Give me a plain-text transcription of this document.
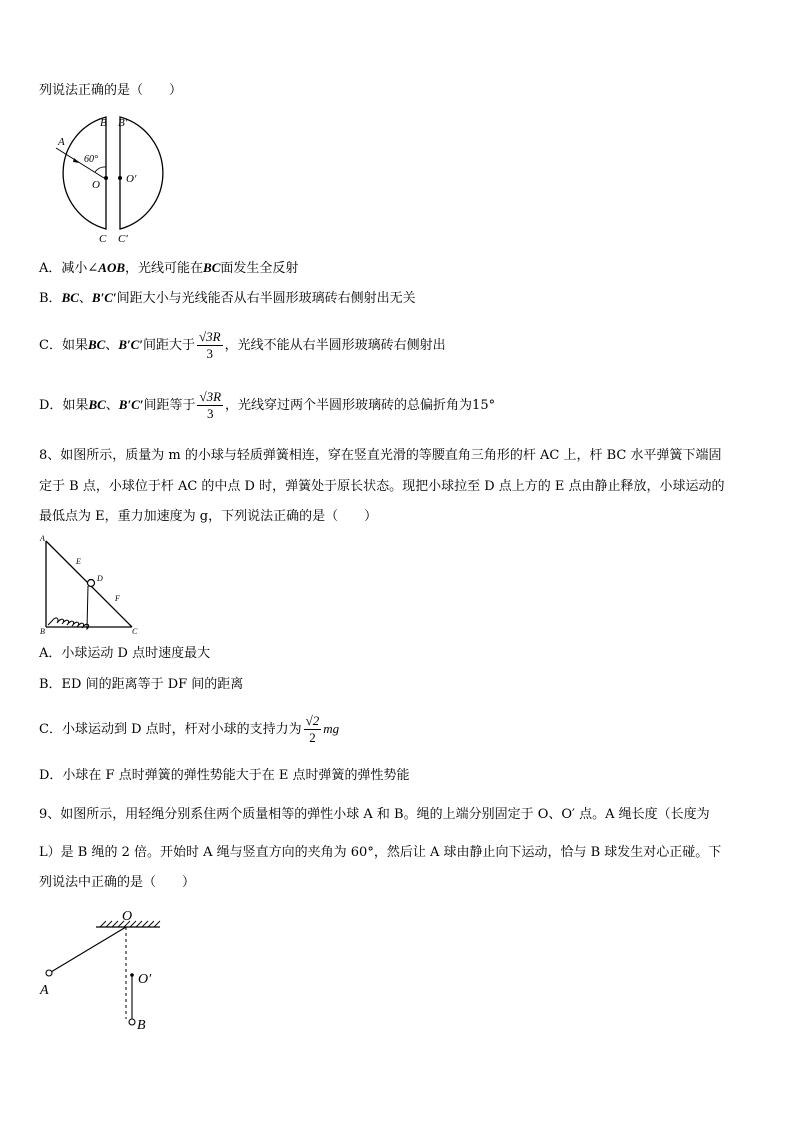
列说法正确的是（　　）
A
60°
B B′
O O′
C C′
A．减小∠AOB，光线可能在BC面发生全反射
B．BC、B′C′间距大小与光线能否从右半圆形玻璃砖右侧射出无关
C．如果BC、B′C′间距大于 $\frac{√3R}{3}$ ，光线不能从右半圆形玻璃砖右侧射出
D．如果BC、B′C′间距等于 $\frac{√3R}{3}$ ，光线穿过两个半圆形玻璃砖的总偏折角为15°
8、如图所示，质量为 m 的小球与轻质弹簧相连，穿在竖直光滑的等腰直角三角形的杆 AC 上，杆 BC 水平弹簧下端固
定于 B 点，小球位于杆 AC 的中点 D 时，弹簧处于原长状态。现把小球拉至 D 点上方的 E 点由静止释放，小球运动的
最低点为 E，重力加速度为 g，下列说法正确的是（　　）
A
E
D
F
B	C
A．小球运动 D 点时速度最大
B．ED 间的距离等于 DF 间的距离
C．小球运动到 D 点时，杆对小球的支持力为 $\frac{√2}{2}$ mg
D．小球在 F 点时弹簧的弹性势能大于在 E 点时弹簧的弹性势能
9、如图所示，用轻绳分别系住两个质量相等的弹性小球 A 和 B。绳的上端分别固定于 O、O′ 点。A 绳长度（长度为
L）是 B 绳的 2 倍。开始时 A 绳与竖直方向的夹角为 60°，然后让 A 球由静止向下运动，恰与 B 球发生对心正碰。下
列说法中正确的是（　　）
O
O′
A
B
